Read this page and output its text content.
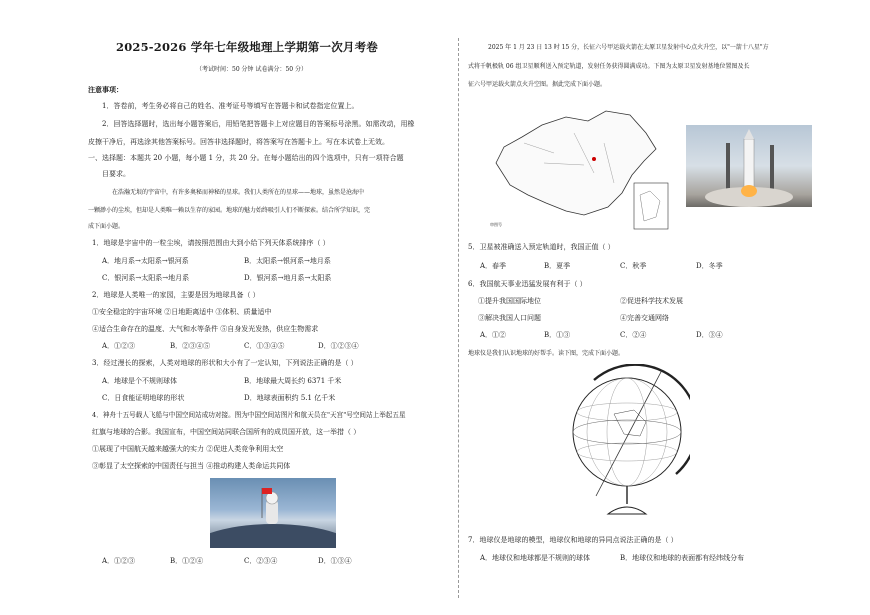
2025-2026 学年七年级地理上学期第一次月考卷
（考试时间：50 分钟 试卷满分：50 分）
注意事项：
1．答卷前，考生务必将自己的姓名、准考证号等填写在答题卡和试卷指定位置上。
2．回答选择题时，选出每小题答案后，用铅笔把答题卡上对应题目的答案标号涂黑。如需改动，用橡
皮擦干净后，再选涂其他答案标号。回答非选择题时，将答案写在答题卡上。写在本试卷上无效。
一、选择题：本题共 20 小题，每小题 1 分，共 20 分。在每小题给出的四个选项中，只有一项符合题
目要求。
在浩瀚无垠的宇宙中，有许多奥秘而神秘的星球。我们人类所在的星球——地球，虽然是沧海中
一颗渺小的尘埃，但却是人类唯一赖以生存的家园。地球的魅力始终吸引人们不断探索。结合所学知识，完
成下面小题。
1．地球是宇宙中的一粒尘埃，请按照范围由大到小给下列天体系统排序（ ）
A．地月系→太阳系→银河系	B．太阳系→银河系→地月系
C．银河系→太阳系→地月系	D．银河系→地月系→太阳系
2．地球是人类唯一的家园，主要是因为地球具备（ ）
①安全稳定的宇宙环境 ②日地距离适中 ③体积、质量适中
④适合生命存在的温度、大气和水等条件 ⑤自身发光发热，供应生物需求
A．①②③	B．②③④⑤	C．①③④⑤	D．①②③④
3．经过漫长的探索，人类对地球的形状和大小有了一定认知，下列说法正确的是（ ）
A．地球是个不规则球体	B．地球最大周长约 6371 千米
C．日食能证明地球的形状	D．地球表面积约 5.1 亿千米
4．神舟十五号载人飞船与中国空间站成功对接。图为中国空间站图片和航天员在"天宫"号空间站上举起五星
红旗与地球的合影。我国宣布，中国空间站同联合国所有的成员国开放，这一举措（ ）
①展现了中国航天越来越强大的实力 ②促进人类竞争利用太空
③彰显了太空探索的中国责任与担当 ④推动构建人类命运共同体
A．①②③	B．①②④	C．②③④	D．①③④
2025 年 1 月 23 日 13 时 15 分，长征六号甲运载火箭在太原卫星发射中心点火升空，以"一箭十八星"方
式将千帆极轨 06 组卫星顺利送入预定轨道，发射任务获得圆满成功。下图为太原卫星发射基地位置图及长
征六号甲运载火箭点火升空图。据此完成下面小题。
审图号
5．卫星被准确送入预定轨道时，我国正值（ ）
A．春季	B．夏季	C．秋季	D．冬季
6．我国航天事业迅猛发展有利于（ ）
①提升我国国际地位	②促进科学技术发展
③解决我国人口问题	④完善交通网络
A．①②	B．①③	C．②④	D．③④
地球仪是我们认识地球的好帮手。读下图，完成下面小题。
7．地球仪是地球的模型，地球仪和地球的异同点说法正确的是（ ）
A．地球仪和地球都是不规则的球体	B．地球仪和地球的表面都有经纬线分布
